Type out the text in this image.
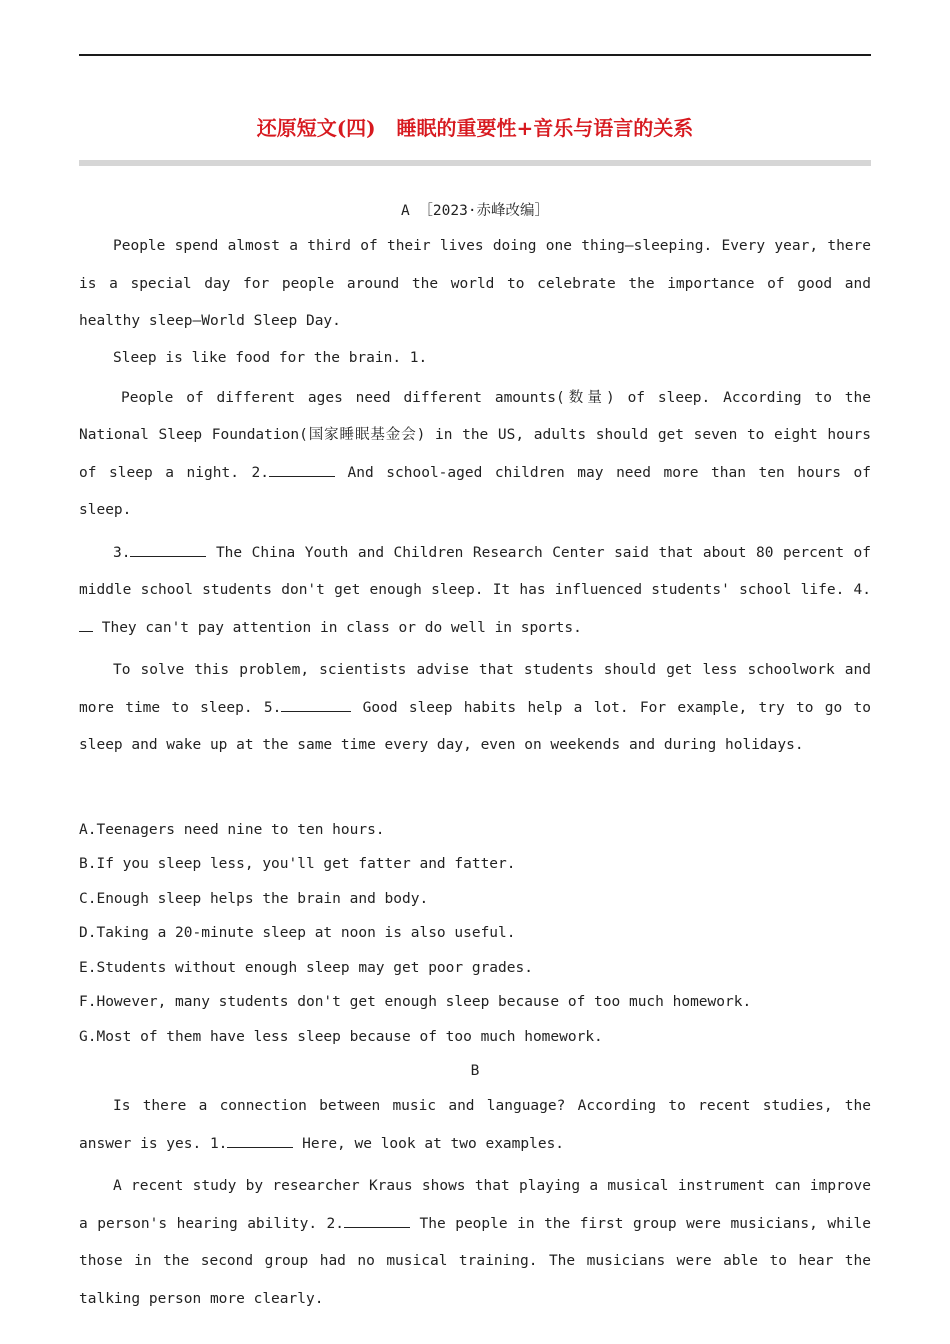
还原短文(四)   睡眠的重要性+音乐与语言的关系
A ［2023·赤峰改编］

People spend almost a third of their lives doing one thing—sleeping. Every year, there is a special day for people around the world to celebrate the importance of good and healthy sleep—World Sleep Day.

Sleep is like food for the brain. 1.

People of different ages need different amounts(数量) of sleep. According to the National Sleep Foundation(国家睡眠基金会) in the US, adults should get seven to eight hours of sleep a night. 2.	And school-aged children may need more than ten hours of sleep.

3.	The China Youth and Children Research Center said that about 80 percent of middle school students don't get enough sleep. It has influenced students' school life. 4. They can't pay attention in class or do well in sports.

To solve this problem, scientists advise that students should get less schoolwork and more time to sleep. 5.	Good sleep habits help a lot. For example, try to go to sleep and wake up at the same time every day, even on weekends and during holidays.

A.Teenagers need nine to ten hours.
B.If you sleep less, you'll get fatter and fatter.
C.Enough sleep helps the brain and body.
D.Taking a 20-minute sleep at noon is also useful.
E.Students without enough sleep may get poor grades.
F.However, many students don't get enough sleep because of too much homework.
G.Most of them have less sleep because of too much homework.
B

Is there a connection between music and language? According to recent studies, the answer is yes. 1.	Here, we look at two examples.

A recent study by researcher Kraus shows that playing a musical instrument can improve a person's hearing ability. 2.	The people in the first group were musicians, while those in the second group had no musical training. The musicians were able to hear the talking person more clearly.
